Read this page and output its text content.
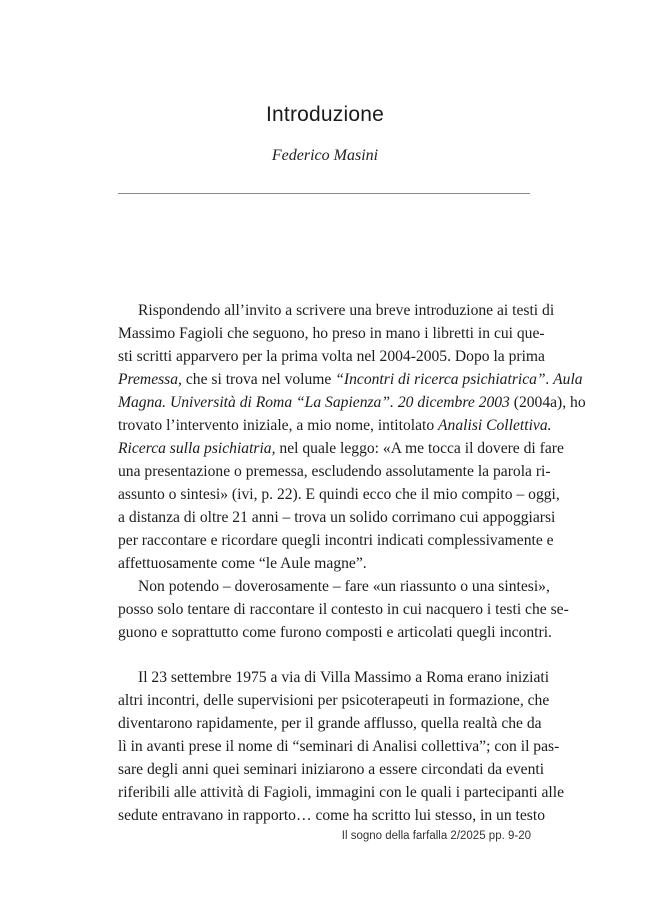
Introduzione
Federico Masini
Rispondendo all’invito a scrivere una breve introduzione ai testi di
Massimo Fagioli che seguono, ho preso in mano i libretti in cui que-
sti scritti apparvero per la prima volta nel 2004-2005. Dopo la prima
Premessa, che si trova nel volume “Incontri di ricerca psichiatrica”. Aula
Magna. Università di Roma “La Sapienza”. 20 dicembre 2003 (2004a), ho
trovato l’intervento iniziale, a mio nome, intitolato Analisi Collettiva.
Ricerca sulla psichiatria, nel quale leggo: «A me tocca il dovere di fare
una presentazione o premessa, escludendo assolutamente la parola ri-
assunto o sintesi» (ivi, p. 22). E quindi ecco che il mio compito – oggi,
a distanza di oltre 21 anni – trova un solido corrimano cui appoggiarsi
per raccontare e ricordare quegli incontri indicati complessivamente e
affettuosamente come “le Aule magne”.
Non potendo – doverosamente – fare «un riassunto o una sintesi»,
posso solo tentare di raccontare il contesto in cui nacquero i testi che se-
guono e soprattutto come furono composti e articolati quegli incontri.
Il 23 settembre 1975 a via di Villa Massimo a Roma erano iniziati
altri incontri, delle supervisioni per psicoterapeuti in formazione, che
diventarono rapidamente, per il grande afflusso, quella realtà che da
lì in avanti prese il nome di “seminari di Analisi collettiva”; con il pas-
sare degli anni quei seminari iniziarono a essere circondati da eventi
riferibili alle attività di Fagioli, immagini con le quali i partecipanti alle
sedute entravano in rapporto… come ha scritto lui stesso, in un testo
Il sogno della farfalla 2/2025 pp. 9-20
